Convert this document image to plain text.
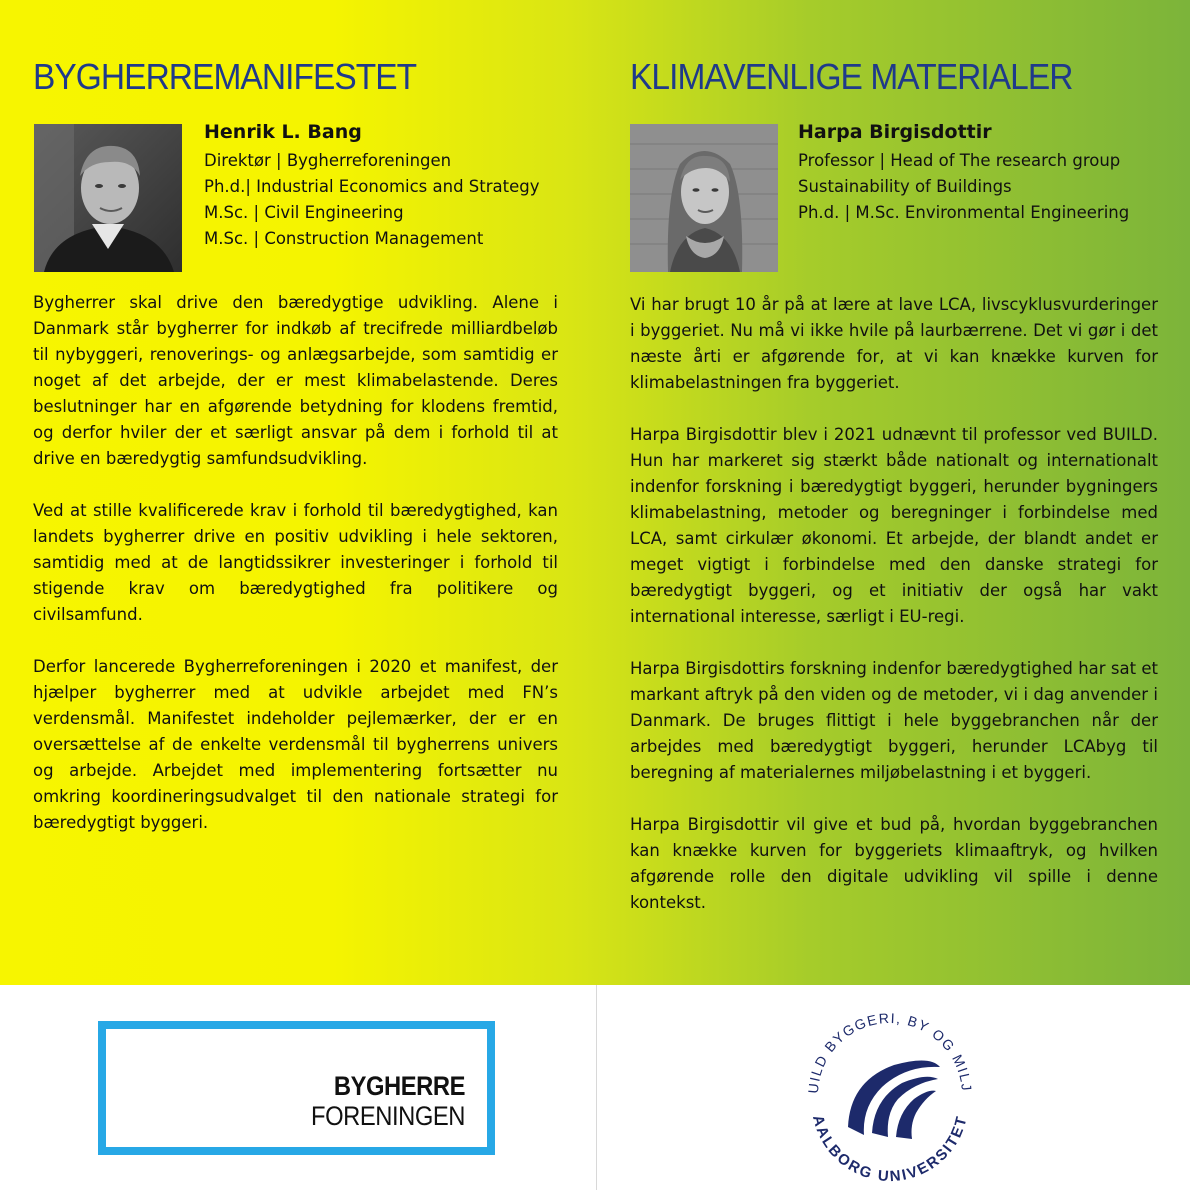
BYGHERREMANIFESTET

Henrik L. Bang

Direktør | Bygherreforeningen

Ph.d.| Industrial Economics and Strategy

M.Sc. | Civil Engineering

M.Sc. | Construction Management

Bygherrer skal drive den bæredygtige udvikling. Alene i Danmark står bygherrer for indkøb af trecifrede milliardbeløb til nybyggeri, renoverings- og anlægsarbejde, som samtidig er noget af det arbejde, der er mest klimabelastende. Deres beslutninger har en afgørende betydning for klodens fremtid, og derfor hviler der et særligt ansvar på dem i forhold til at drive en bæredygtig samfundsudvikling.

Ved at stille kvalificerede krav i forhold til bæredygtighed, kan landets bygherrer drive en positiv udvikling i hele sektoren, samtidig med at de langtidssikrer investeringer i forhold til stigende krav om bæredygtighed fra politikere og civilsamfund.

Derfor lancerede Bygherreforeningen i 2020 et manifest, der hjælper bygherrer med at udvikle arbejdet med FN’s verdensmål. Manifestet indeholder pejlemærker, der er en oversættelse af de enkelte verdensmål til bygherrens univers og arbejde. Arbejdet med implementering fortsætter nu omkring koordineringsudvalget til den nationale strategi for bæredygtigt byggeri.

KLIMAVENLIGE MATERIALER

Harpa Birgisdottir

Professor | Head of The research group

Sustainability of Buildings

Ph.d. | M.Sc. Environmental Engineering

Vi har brugt 10 år på at lære at lave LCA, livscyklusvurderinger i byggeriet. Nu må vi ikke hvile på laurbærrene. Det vi gør i det næste årti er afgørende for, at vi kan knække kurven for klimabelastningen fra byggeriet.

Harpa Birgisdottir blev i 2021 udnævnt til professor ved BUILD. Hun har markeret sig stærkt både nationalt og internationalt indenfor forskning i bæredygtigt byggeri, herunder bygningers klimabelastning, metoder og beregninger i forbindelse med LCA, samt cirkulær økonomi. Et arbejde, der blandt andet er meget vigtigt i forbindelse med den danske strategi for bæredygtigt byggeri, og et initiativ der også har vakt international interesse, særligt i EU-regi.

Harpa Birgisdottirs forskning indenfor bæredygtighed har sat et markant aftryk på den viden og de metoder, vi i dag anvender i Danmark. De bruges flittigt i hele byggebranchen når der arbejdes med bæredygtigt byggeri, herunder LCAbyg til beregning af materialernes miljøbelastning i et byggeri.

Harpa Birgisdottir vil give et bud på, hvordan byggebranchen kan knække kurven for byggeriets klimaaftryk, og hvilken afgørende rolle den digitale udvikling vil spille i denne kontekst.

BYGHERRE
FORENINGEN
UILD BYGGERI, BY OG MILJ
AALBORG UNIVERSITET
